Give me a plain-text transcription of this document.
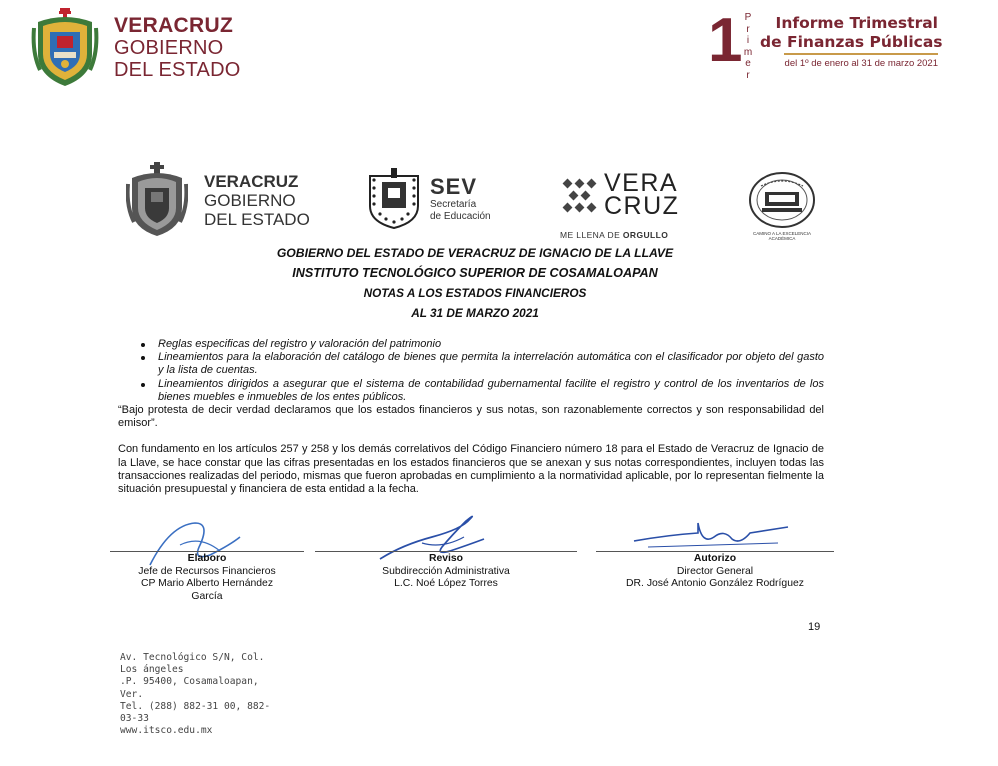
VERACRUZ
GOBIERNO
DEL ESTADO	1 P
r
i
m
e
r
Informe Trimestral
de Finanzas Públicas
del 1º de enero al 31 de marzo 2021
VERACRUZ
GOBIERNO
DEL ESTADO
SEV
Secretaría
de Educación
VERA
CRUZ
ME LLENA DE ORGULLO	CAMINO A LA EXCELENCIA
ACADÉMICA
GOBIERNO DEL ESTADO DE VERACRUZ DE IGNACIO DE LA LLAVE
INSTITUTO TECNOLÓGICO SUPERIOR DE COSAMALOAPAN
NOTAS A LOS ESTADOS FINANCIEROS
AL 31 DE MARZO 2021
Reglas especificas del registro y valoración del patrimonio
Lineamientos para la elaboración del catálogo de bienes que permita la interrelación automática con el clasificador por objeto del gasto y la lista de cuentas.
Lineamientos dirigidos a asegurar que el sistema de contabilidad gubernamental facilite el registro y control de los inventarios de los bienes muebles e inmuebles de los entes públicos.

“Bajo protesta de decir verdad declaramos que los estados financieros y sus notas, son razonablemente correctos y son responsabilidad del emisor”.

Con fundamento en los artículos 257 y 258 y los demás correlativos del Código Financiero número 18 para el Estado de Veracruz de Ignacio de la Llave, se hace constar que las cifras presentadas en los estados financieros que se anexan y sus notas correspondientes, incluyen todas las transacciones realizadas del periodo, mismas que fueron aprobadas en cumplimiento a la normatividad aplicable, por lo representan fielmente la situación presupuestal y financiera de esta entidad a la fecha.

Elaboro
Jefe de Recursos Financieros
CP Mario Alberto Hernández
García
Reviso
Subdirección Administrativa
L.C. Noé López Torres
Autorizo
Director General
DR. José Antonio González Rodríguez
19
Av. Tecnológico S/N, Col.
Los ángeles
.P. 95400, Cosamaloapan,
Ver.
Tel. (288) 882-31 00, 882-
03-33
www.itsco.edu.mx
